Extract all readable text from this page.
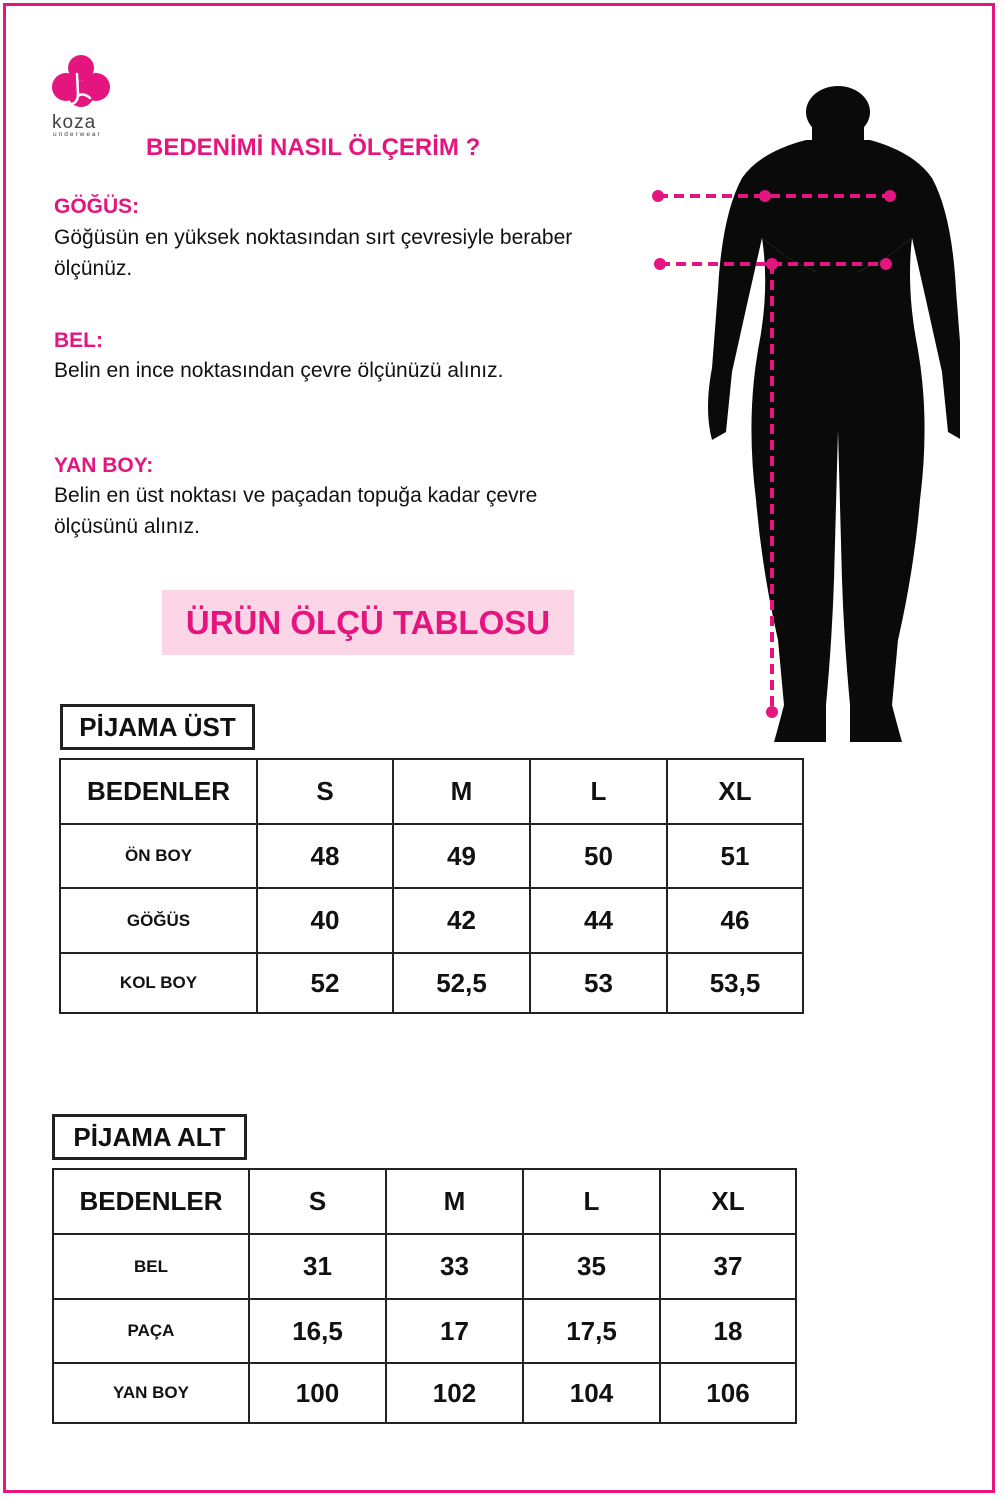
koza
underwear BEDENİMİ NASIL ÖLÇERİM ?
GÖĞÜS:
Göğüsün en yüksek noktasından sırt çevresiyle beraber ölçünüz.
BEL:
Belin en ince noktasından çevre ölçünüzü alınız.
YAN BOY:
Belin en üst noktası ve paçadan topuğa kadar çevre ölçüsünü alınız.
ÜRÜN ÖLÇÜ TABLOSU
PİJAMA ÜST
BEDENLER	S	M	L	XL
ÖN BOY	48	49	50	51
GÖĞÜS	40	42	44	46
KOL BOY	52	52,5	53	53,5
PİJAMA ALT
BEDENLER	S	M	L	XL
BEL	31	33	35	37
PAÇA	16,5	17	17,5	18
YAN BOY	100	102	104	106
